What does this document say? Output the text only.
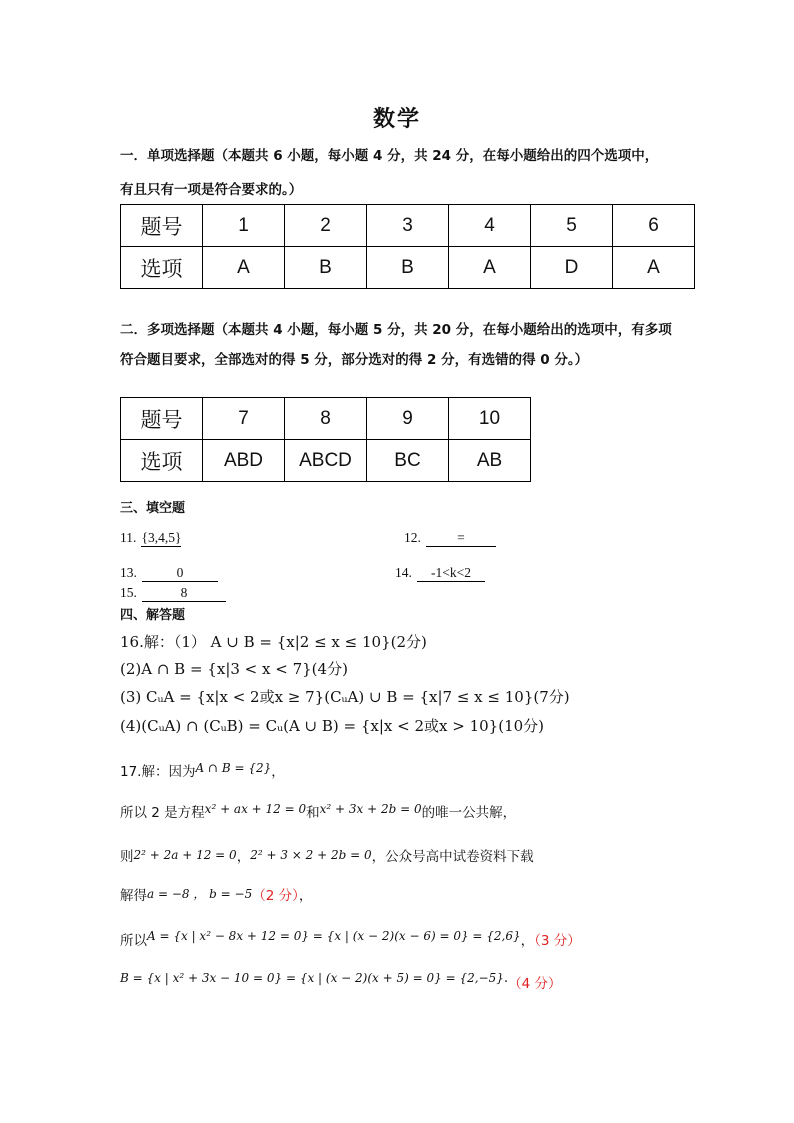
数学
一．单项选择题（本题共 6 小题，每小题 4 分，共 24 分，在每小题给出的四个选项中，
有且只有一项是符合要求的。）
题号	1	2	3	4	5	6
选项	A	B	B	A	D	A
二．多项选择题（本题共 4 小题，每小题 5 分，共 20 分，在每小题给出的选项中，有多项
符合题目要求，全部选对的得 5 分，部分选对的得 2 分，有选错的得 0 分。）
题号	7	8	9	10
选项	ABD	ABCD	BC	AB
三、填空题
11. {3,4,5}	12.	=
13.	0	14. -1<k<2
15.	8
四、解答题
16.解：（1） A ∪ B = {x|2 ≤ x ≤ 10}(2分)
(2)A ∩ B = {x|3 < x < 7}(4分)
(3) CᵤA = {x|x < 2或x ≥ 7}(CᵤA) ∪ B = {x|7 ≤ x ≤ 10}(7分)
(4)(CᵤA) ∩ (CᵤB) = Cᵤ(A ∪ B) = {x|x < 2或x > 10}(10分)
17.解：因为$^{A \cap B = \{2\}}$，
所以 2 是方程$^{x^2 + ax + 12 = 0}$和$^{x^2 + 3x + 2b = 0}$的唯一公共解，
则2² + 2a + 12 = 0，2² + 3 × 2 + 2b = 0，公众号高中试卷资料下载
解得a = −8 ， b = −5（2 分），
所以$^{A = \{x | x^2 - 8x + 12 = 0\} = \{x | (x - 2)(x - 6) = 0\} = \{2,6\}}$，（3 分）
B = {x | x² + 3x − 10 = 0} = {x | $(x - 2)(x + 5) = 0\} = \{2,-5\}._{(4 分)}$
